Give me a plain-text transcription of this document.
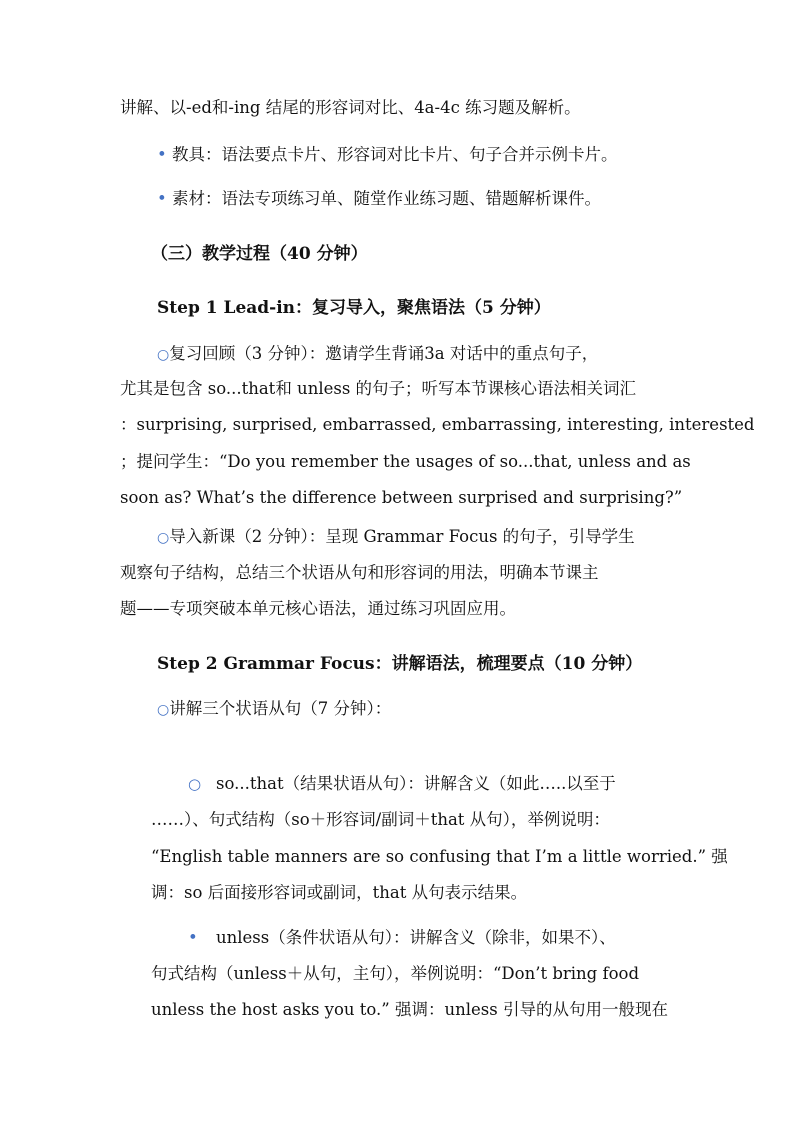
讲解、以-ed和-ing 结尾的形容词对比、4a-4c 练习题及解析。
• 教具：语法要点卡片、形容词对比卡片、句子合并示例卡片。
• 素材：语法专项练习单、随堂作业练习题、错题解析课件。
（三）教学过程（40 分钟）
Step 1 Lead-in：复习导入，聚焦语法（5 分钟）
○复习回顾（3 分钟）：邀请学生背诵3a 对话中的重点句子，
尤其是包含 so...that和 unless 的句子；听写本节课核心语法相关词汇
：surprising, surprised, embarrassed, embarrassing, interesting, interested
；提问学生：“Do you remember the usages of so...that, unless and as
soon as? What’s the difference between surprised and surprising?”
○导入新课（2 分钟）：呈现 Grammar Focus 的句子，引导学生
观察句子结构，总结三个状语从句和形容词的用法，明确本节课主
题——专项突破本单元核心语法，通过练习巩固应用。
Step 2 Grammar Focus：讲解语法，梳理要点（10 分钟）
○讲解三个状语从句（7 分钟）：
○ so...that（结果状语从句）：讲解含义（如此…..以至于
……）、句式结构（so＋形容词/副词＋that 从句），举例说明：
“English table manners are so confusing that I’m a little worried.” 强
调：so 后面接形容词或副词，that 从句表示结果。
• unless（条件状语从句）：讲解含义（除非，如果不）、
句式结构（unless＋从句，主句），举例说明：“Don’t bring food
unless the host asks you to.” 强调：unless 引导的从句用一般现在
